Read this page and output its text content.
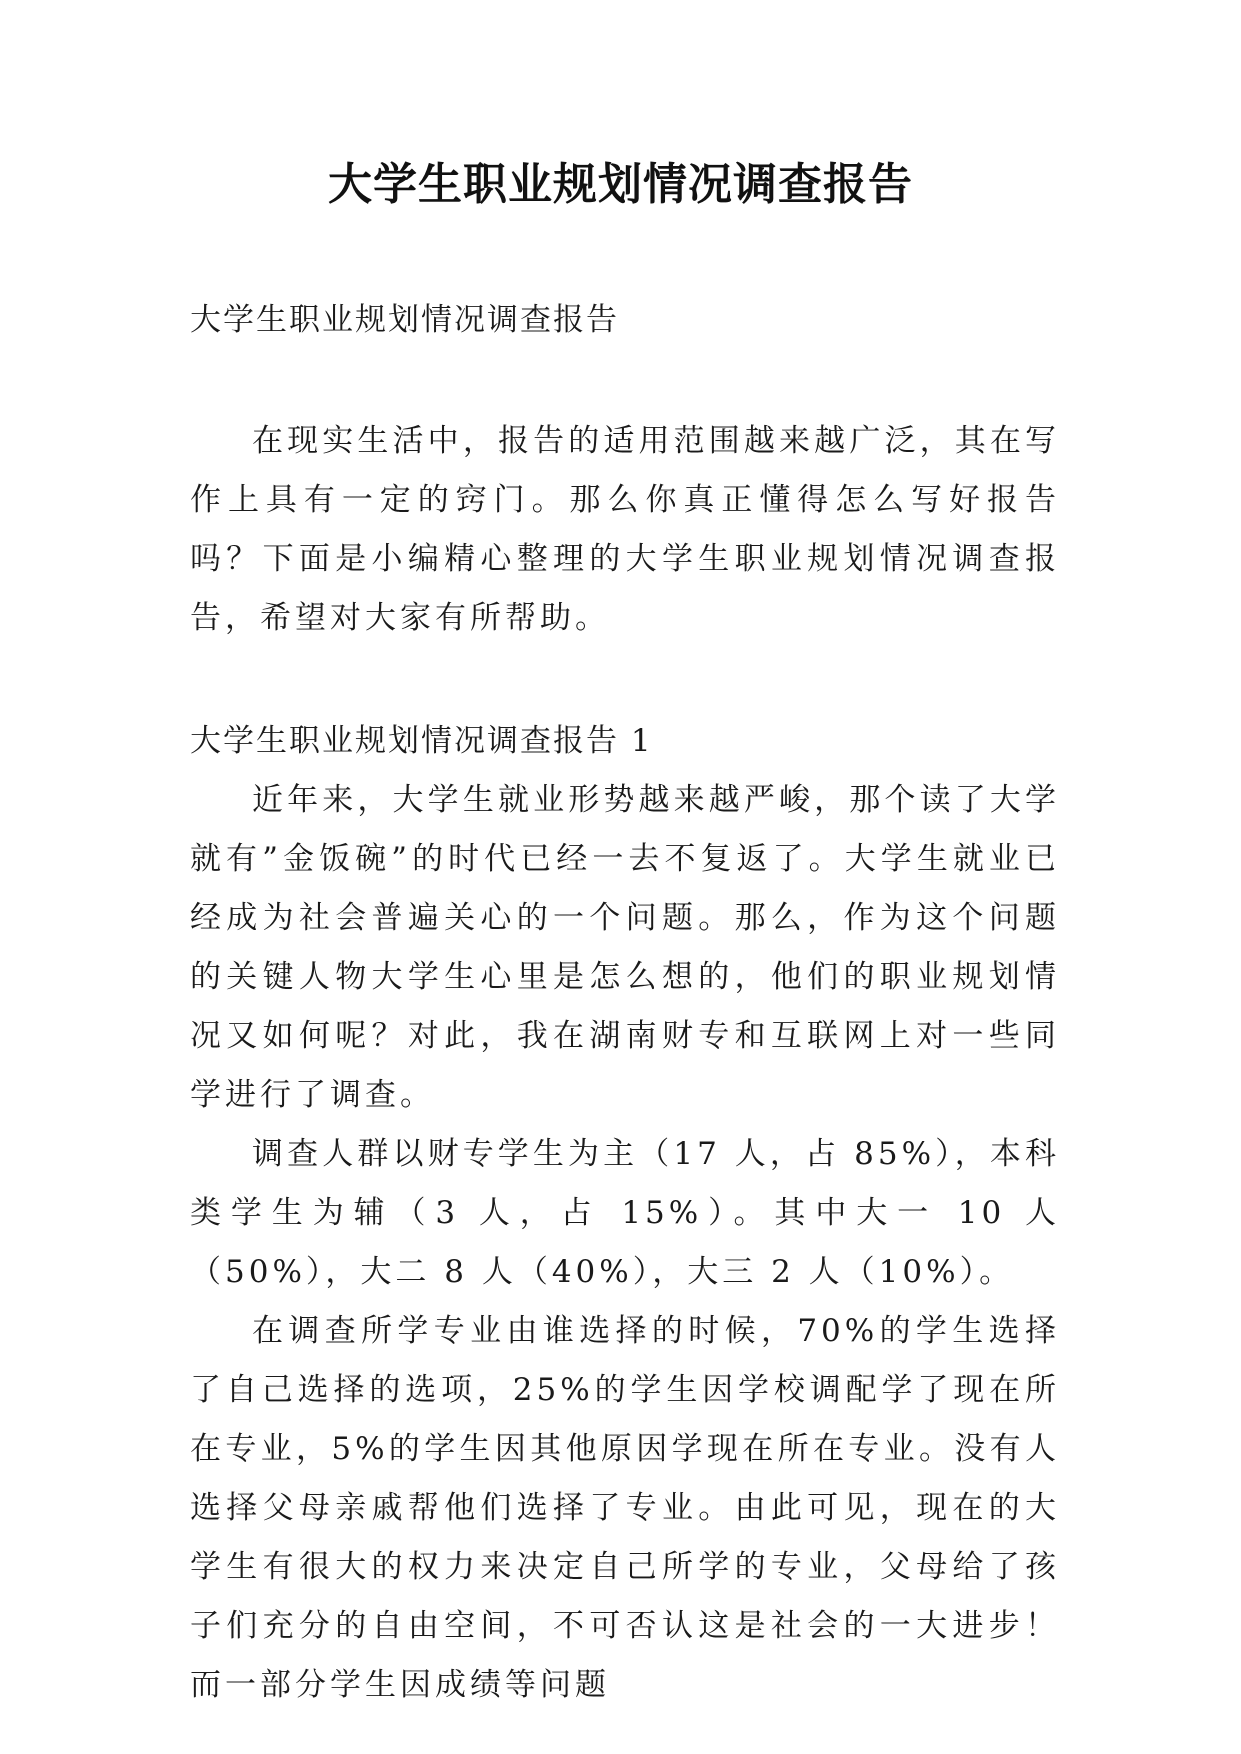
大学生职业规划情况调查报告

大学生职业规划情况调查报告

在现实生活中，报告的适用范围越来越广泛，其在写作上具有一定的窍门。那么你真正懂得怎么写好报告吗？下面是小编精心整理的大学生职业规划情况调查报告，希望对大家有所帮助。

大学生职业规划情况调查报告 1

近年来，大学生就业形势越来越严峻，那个读了大学就有”金饭碗”的时代已经一去不复返了。大学生就业已经成为社会普遍关心的一个问题。那么，作为这个问题的关键人物大学生心里是怎么想的，他们的职业规划情况又如何呢？对此，我在湖南财专和互联网上对一些同学进行了调查。

调查人群以财专学生为主（17 人，占 85%），本科类学生为辅（3 人，占 15%）。其中大一 10 人（50%），大二 8 人（40%），大三 2 人（10%）。

在调查所学专业由谁选择的时候，70%的学生选择了自己选择的选项，25%的学生因学校调配学了现在所在专业，5%的学生因其他原因学现在所在专业。没有人选择父母亲戚帮他们选择了专业。由此可见，现在的大学生有很大的权力来决定自己所学的专业，父母给了孩子们充分的自由空间，不可否认这是社会的一大进步！而一部分学生因成绩等问题
